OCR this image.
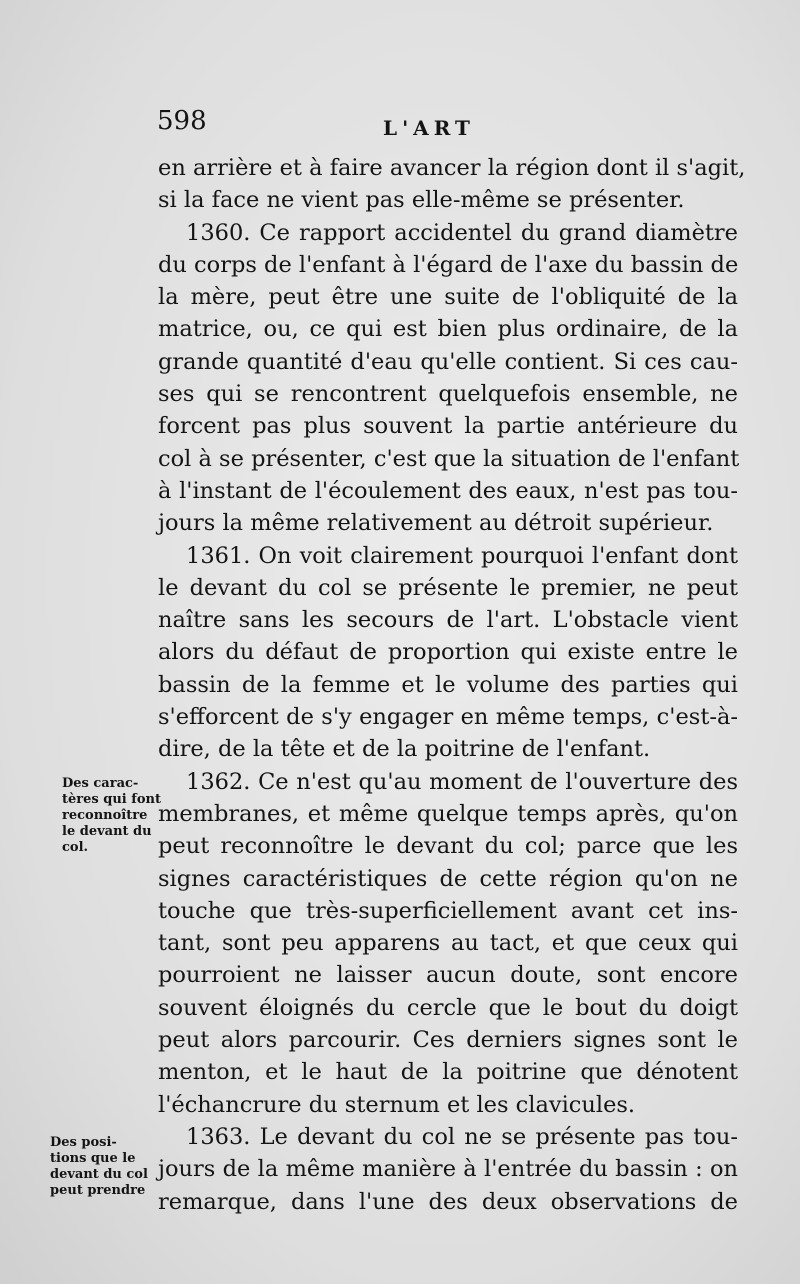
598	L'ART
en arrière et à faire avancer la région dont il s'agit,
si la face ne vient pas elle-même se présenter.
1360. Ce rapport accidentel du grand diamètre
du corps de l'enfant à l'égard de l'axe du bassin de
la mère, peut être une suite de l'obliquité de la
matrice, ou, ce qui est bien plus ordinaire, de la
grande quantité d'eau qu'elle contient. Si ces cau-
ses qui se rencontrent quelquefois ensemble, ne
forcent pas plus souvent la partie antérieure du
col à se présenter, c'est que la situation de l'enfant
à l'instant de l'écoulement des eaux, n'est pas tou-
jours la même relativement au détroit supérieur.
1361. On voit clairement pourquoi l'enfant dont
le devant du col se présente le premier, ne peut
naître sans les secours de l'art. L'obstacle vient
alors du défaut de proportion qui existe entre le
bassin de la femme et le volume des parties qui
s'efforcent de s'y engager en même temps, c'est-à-
dire, de la tête et de la poitrine de l'enfant.
1362. Ce n'est qu'au moment de l'ouverture des
membranes, et même quelque temps après, qu'on
peut reconnoître le devant du col; parce que les
signes caractéristiques de cette région qu'on ne
touche que très-superficiellement avant cet ins-
tant, sont peu apparens au tact, et que ceux qui
pourroient ne laisser aucun doute, sont encore
souvent éloignés du cercle que le bout du doigt
peut alors parcourir. Ces derniers signes sont le
menton, et le haut de la poitrine que dénotent
l'échancrure du sternum et les clavicules.
1363. Le devant du col ne se présente pas tou-
jours de la même manière à l'entrée du bassin : on
remarque, dans l'une des deux observations de
Des carac-
tères qui font
reconnoître
le devant du
col.
Des posi-
tions que le
devant du col
peut prendre
